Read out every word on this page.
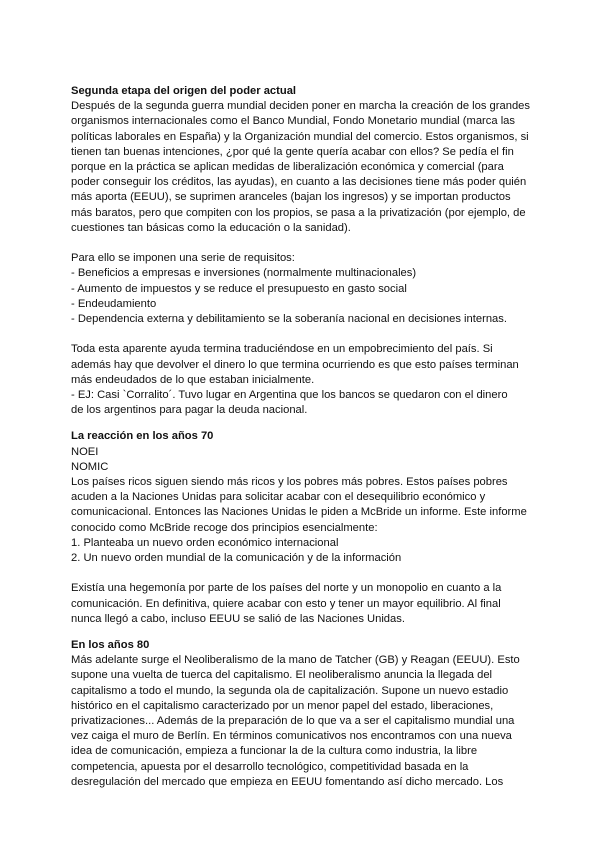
Segunda etapa del origen del poder actual

Después de la segunda guerra mundial deciden poner en marcha la creación de los grandes
organismos internacionales como el Banco Mundial, Fondo Monetario mundial (marca las
políticas laborales en España) y la Organización mundial del comercio. Estos organismos, si
tienen tan buenas intenciones, ¿por qué la gente quería acabar con ellos? Se pedía el fin
porque en la práctica se aplican medidas de liberalización económica y comercial (para
poder conseguir los créditos, las ayudas), en cuanto a las decisiones tiene más poder quién
más aporta (EEUU), se suprimen aranceles (bajan los ingresos) y se importan productos
más baratos, pero que compiten con los propios, se pasa a la privatización (por ejemplo, de
cuestiones tan básicas como la educación o la sanidad).

Para ello se imponen una serie de requisitos:
- Beneficios a empresas e inversiones (normalmente multinacionales)
- Aumento de impuestos y se reduce el presupuesto en gasto social
- Endeudamiento
- Dependencia externa y debilitamiento se la soberanía nacional en decisiones internas.

Toda esta aparente ayuda termina traduciéndose en un empobrecimiento del país. Si
además hay que devolver el dinero lo que termina ocurriendo es que esto países terminan
más endeudados de lo que estaban inicialmente.
- EJ: Casi `Corralito´. Tuvo lugar en Argentina que los bancos se quedaron con el dinero
de los argentinos para pagar la deuda nacional.

La reacción en los años 70

NOEI
NOMIC
Los países ricos siguen siendo más ricos y los pobres más pobres. Estos países pobres
acuden a la Naciones Unidas para solicitar acabar con el desequilibrio económico y
comunicacional. Entonces las Naciones Unidas le piden a McBride un informe. Este informe
conocido como McBride recoge dos principios esencialmente:
1. Planteaba un nuevo orden económico internacional
2. Un nuevo orden mundial de la comunicación y de la información

Existía una hegemonía por parte de los países del norte y un monopolio en cuanto a la
comunicación. En definitiva, quiere acabar con esto y tener un mayor equilibrio. Al final
nunca llegó a cabo, incluso EEUU se salió de las Naciones Unidas.

En los años 80

Más adelante surge el Neoliberalismo de la mano de Tatcher (GB) y Reagan (EEUU). Esto
supone una vuelta de tuerca del capitalismo. El neoliberalismo anuncia la llegada del
capitalismo a todo el mundo, la segunda ola de capitalización. Supone un nuevo estadio
histórico en el capitalismo caracterizado por un menor papel del estado, liberaciones,
privatizaciones... Además de la preparación de lo que va a ser el capitalismo mundial una
vez caiga el muro de Berlín. En términos comunicativos nos encontramos con una nueva
idea de comunicación, empieza a funcionar la de la cultura como industria, la libre
competencia, apuesta por el desarrollo tecnológico, competitividad basada en la
desregulación del mercado que empieza en EEUU fomentando así dicho mercado. Los
